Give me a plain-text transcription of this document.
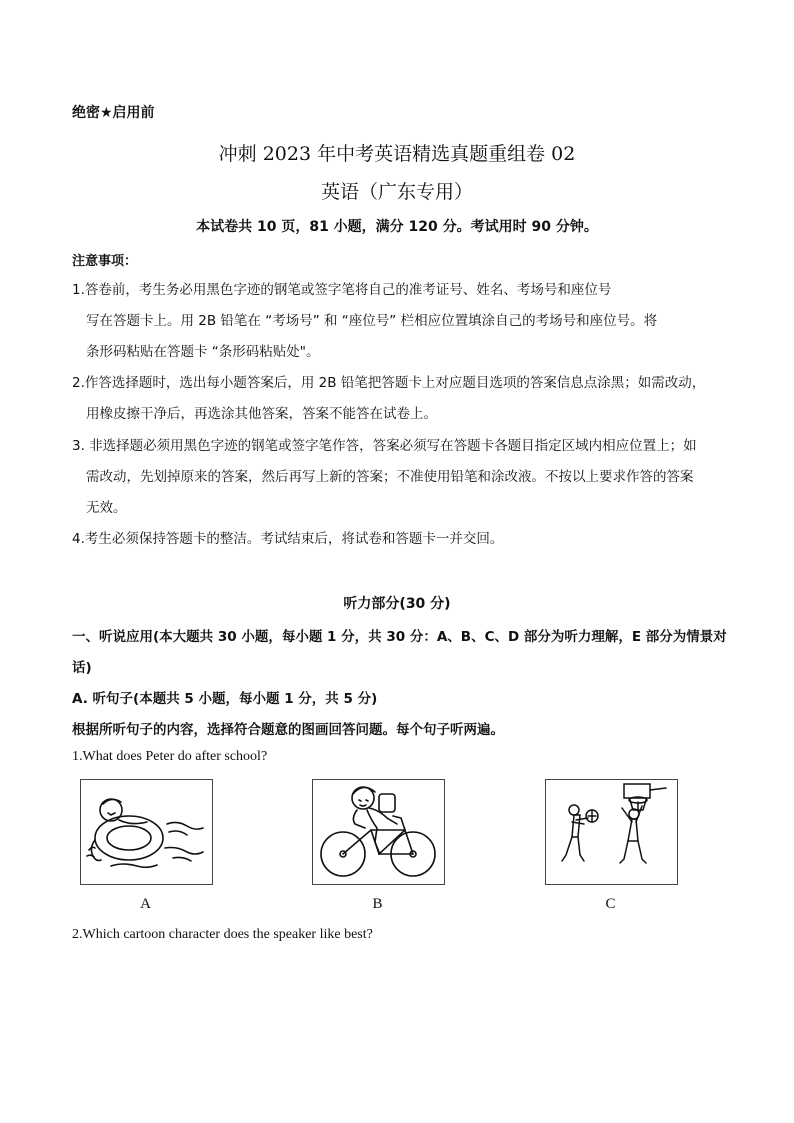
绝密★启用前
冲刺 2023 年中考英语精选真题重组卷 02
英语（广东专用）
本试卷共 10 页，81 小题，满分 120 分。考试用时 90 分钟。
注意事项：
1.答卷前，考生务必用黑色字迹的钢笔或签字笔将自己的准考证号、姓名、考场号和座位号
写在答题卡上。用 2B 铅笔在 “考场号” 和 “座位号” 栏相应位置填涂自己的考场号和座位号。将
条形码粘贴在答题卡 “条形码粘贴处"。
2.作答选择题时，选出每小题答案后，用 2B 铅笔把答题卡上对应题目选项的答案信息点涂黑；如需改动，
用橡皮擦干净后，再选涂其他答案，答案不能答在试卷上。
3. 非选择题必须用黑色字迹的钢笔或签字笔作答，答案必须写在答题卡各题目指定区域内相应位置上；如
需改动，先划掉原来的答案，然后再写上新的答案；不准使用铅笔和涂改液。不按以上要求作答的答案
无效。
4.考生必须保持答题卡的整洁。考试结束后，将试卷和答题卡一并交回。
听力部分(30 分)
一、听说应用(本大题共 30 小题，每小题 1 分，共 30 分：A、B、C、D 部分为听力理解，E 部分为情景对
话)
A. 听句子(本题共 5 小题，每小题 1 分，共 5 分)
根据所听句子的内容，选择符合题意的图画回答问题。每个句子听两遍。
1.What does Peter do after school?
A	B	C
2.Which cartoon character does the speaker like best?
